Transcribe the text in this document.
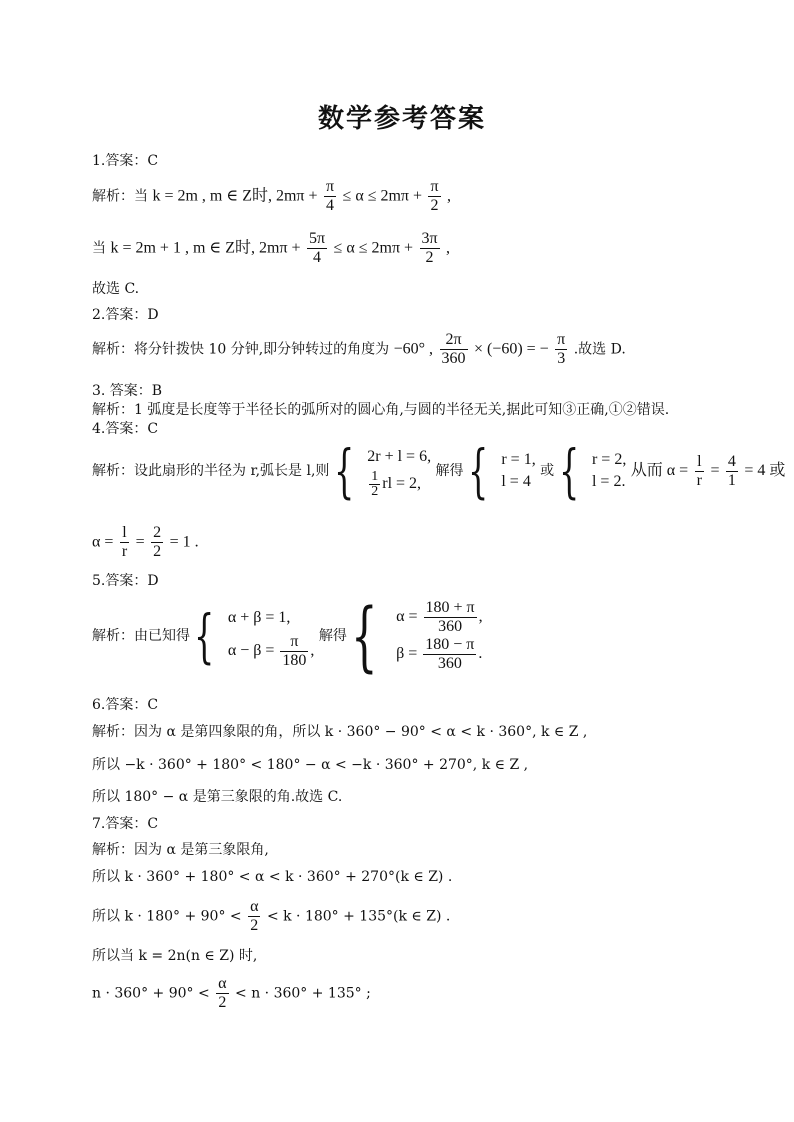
数学参考答案
1.答案：C
解析：当 k = 2m , m ∈ Z时, $2m\pi + \frac{\pi}{4} \le \alpha \le 2m\pi + \frac{\pi}{2}$ ,
当 k = 2m + 1 , m ∈ Z时, $2m\pi + \frac{5\pi}{4} \le \alpha \le 2m\pi + \frac{3\pi}{2}$ ,
故选 C.
2.答案：D
解析：将分针拨快 10 分钟,即分钟转过的角度为 −60° , $\frac{2\pi}{360} \times (-60)$ = − $\frac{\pi}{3}$ .故选 D.
3. 答案：B
解析：1 弧度是长度等于半径长的弧所对的圆心角,与圆的半径无关,据此可知③正确,①②错误.
4.答案：C
解析：设此扇形的半径为 r,弧长是 l,则 { 2r + l = 6,
$\frac{1}{2}$ rl = 2,
解得 { r = 1,
l = 4
或 { r = 2,
l = 2.
从而 $\alpha = \frac{l}{r} = \frac{4}{1} = 4$ 或
$\alpha = \frac{l}{r} = \frac{2}{2} = 1$ .
5.答案：D
解析：由已知得 { α + β = 1,
$\alpha - \beta = \frac{\pi}{180}$ ,
解得 { $\alpha = \frac{180 + \pi}{360}$ ,
$\beta = \frac{180 - \pi}{360}$ .
6.答案：C
解析：因为 α 是第四象限的角，所以 k · 360° − 90° < α < k · 360°, k ∈ Z ,
所以 −k · 360° + 180° < 180° − α < −k · 360° + 270°, k ∈ Z ,
所以 180° − α 是第三象限的角.故选 C.
7.答案：C
解析：因为 α 是第三象限角,
所以 k · 360° + 180° < α < k · 360° + 270°(k ∈ Z) .
所以 $k \cdot 180^\circ + 90^\circ < \frac{\alpha}{2} < k \cdot 180^\circ + 135^\circ(k$ ∈ Z) .
所以当 k = 2n(n ∈ Z) 时,
$n \cdot 360^\circ + 90^\circ < \frac{\alpha}{2} < n \cdot 360^\circ + 135^\circ$ ;
